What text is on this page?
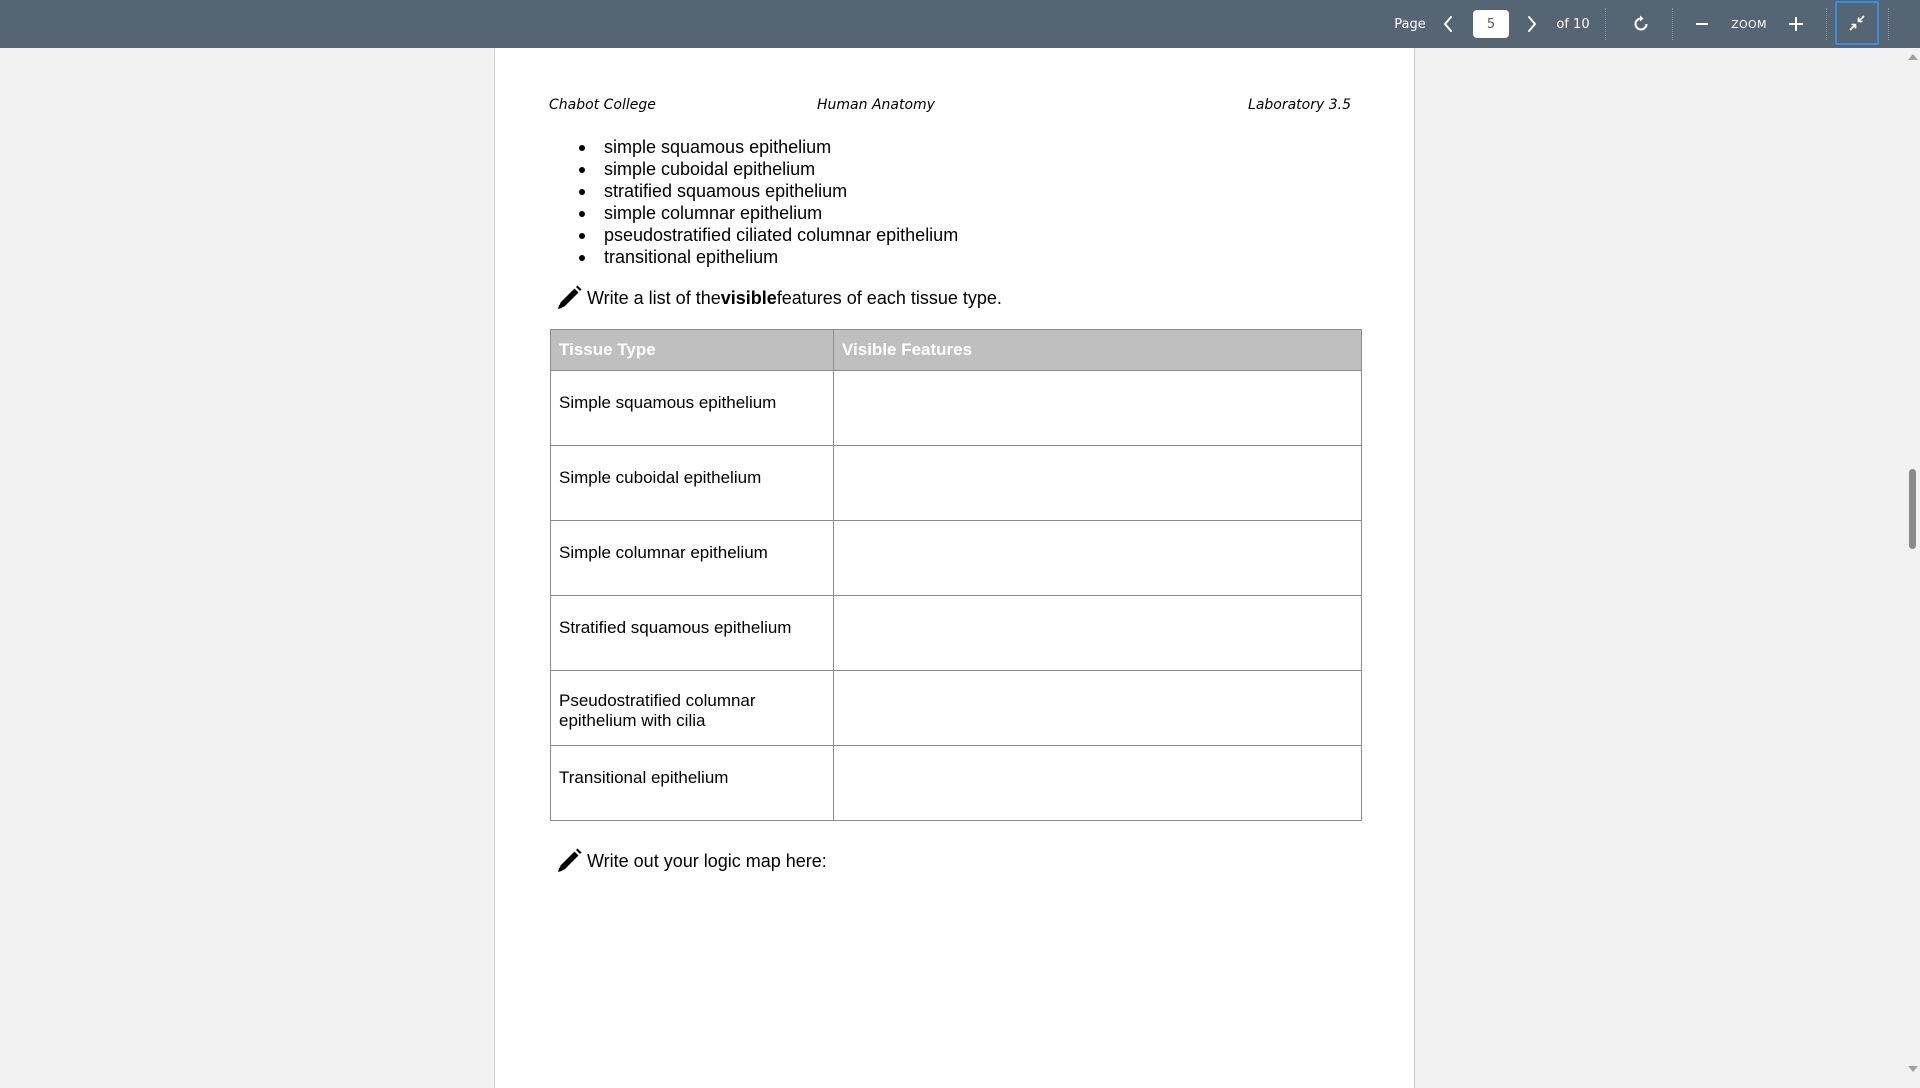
Page
5	of 10	ZOOM
Chabot College	Human Anatomy	Laboratory 3.5
simple squamous epithelium
simple cuboidal epithelium
stratified squamous epithelium
simple columnar epithelium
pseudostratified ciliated columnar epithelium
transitional epithelium
Write a list of the visible features of each tissue type.
Tissue Type	Visible Features
Simple squamous epithelium	
Simple cuboidal epithelium	
Simple columnar epithelium	
Stratified squamous epithelium	

Pseudostratified columnar
epithelium with cilia	

Transitional epithelium	
Write out your logic map here:
